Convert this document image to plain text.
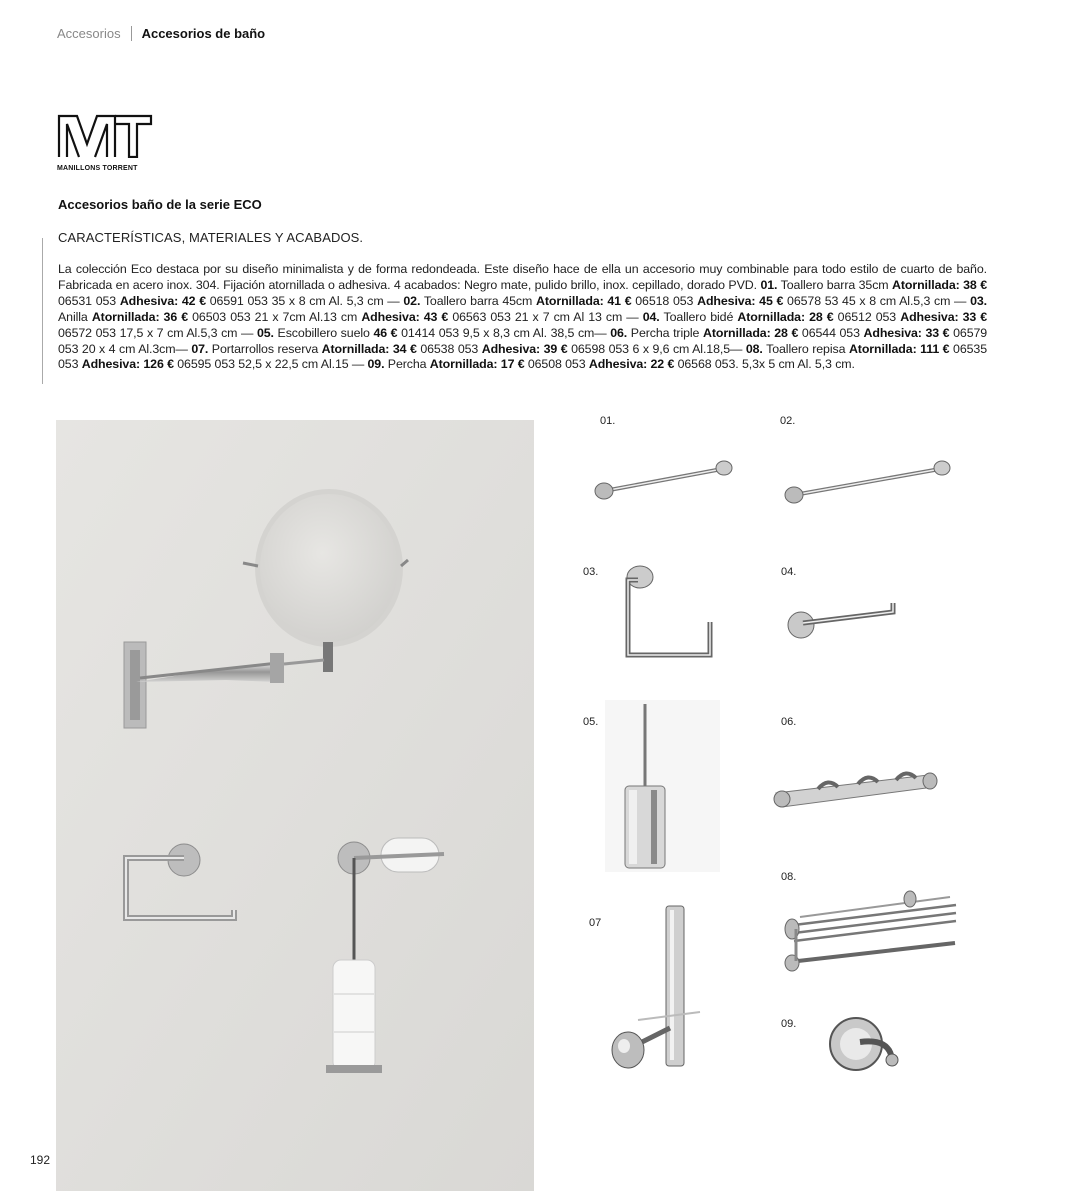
Accesorios Accesorios de baño
MANILLONS TORRENT
Accesorios baño de la serie ECO
CARACTERÍSTICAS, MATERIALES Y ACABADOS.
La colección Eco destaca por su diseño minimalista y de forma redondeada. Este diseño hace de ella un accesorio muy combinable para todo estilo de cuarto de baño. Fabricada en acero inox. 304. Fijación atornillada o adhesiva. 4 acabados: Negro mate, pulido brillo, inox. cepillado, dorado PVD. 01. Toallero barra 35cm Atornillada: 38 € 06531 053 Adhesiva: 42 € 06591 053 35 x 8 cm Al. 5,3 cm — 02. Toallero barra 45cm Atornillada: 41 € 06518 053 Adhesiva: 45 € 06578 53 45 x 8 cm Al.5,3 cm — 03. Anilla Atornillada: 36 € 06503 053 21 x 7cm Al.13 cm Adhesiva: 43 € 06563 053 21 x 7 cm Al 13 cm — 04. Toallero bidé Atornillada: 28 € 06512 053 Adhesiva: 33 € 06572 053 17,5 x 7 cm Al.5,3 cm — 05. Escobillero suelo 46 € 01414 053 9,5 x 8,3 cm Al. 38,5 cm— 06. Percha triple Atornillada: 28 € 06544 053 Adhesiva: 33 € 06579 053 20 x 4 cm Al.3cm— 07. Portarrollos reserva Atornillada: 34 € 06538 053 Adhesiva: 39 € 06598 053 6 x 9,6 cm Al.18,5— 08. Toallero repisa Atornillada: 111 € 06535 053 Adhesiva: 126 € 06595 053 52,5 x 22,5 cm Al.15 — 09. Percha Atornillada: 17 € 06508 053 Adhesiva: 22 € 06568 053. 5,3x 5 cm Al. 5,3 cm.
01.	02.
03.	04.
05.	06.
07
08.
09.
192
